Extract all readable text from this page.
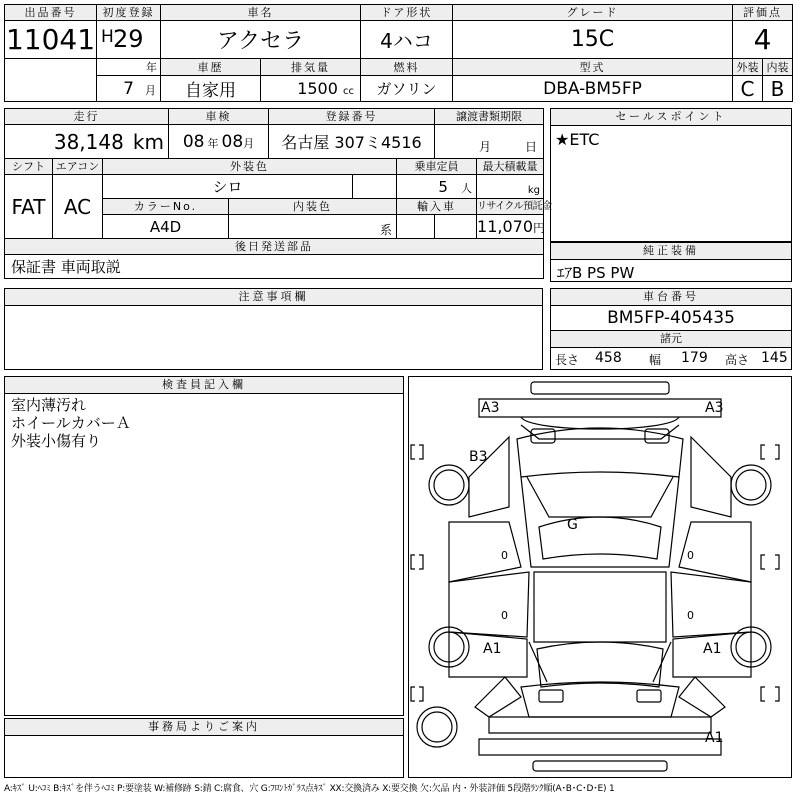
出品番号	初度登録	車名		ドア形状	グレード	評価点	
11041	H 29	アクセラ		4ハコ	15C	4	
	年	車歴	排気量	燃料	型式	外装	内装
	7 月	自家用	1500 cc	ガソリン	DBA-BM5FP	C	B
走行			車検		登録番号			譲渡書類期限	
38,148 km			08 年 08月		名古屋 307ミ4516			月 日	
シフト	エアコン	外装色					乗車定員		最大積載量
FAT	AC	シロ					5 人		kg
		カラーNo.		内装色			輸入車		リサイクル預託金
		A4D		系					11,070円
後日発送部品									
保証書 車両取説									
セールスポイント
★ETC
純正装備
ｴｱB PS PW
注意事項欄	車台番号
BM5FP-405435
諸元
長さ 458 幅 179 高さ 145
検査員記入欄
室内薄汚れ
ホイールカバーＡ
外装小傷有り
事務局よりご案内
A3	A3
B3
G
A1	A1
A1
0	0
0	0
A:ｷｽﾞ U:ﾍｺﾐ B:ｷｽﾞを伴うﾍｺﾐ P:要塗装 W:補修跡 S:錆 C:腐食、穴 G:ﾌﾛﾝﾄｶﾞﾗｽ点ｷｽﾞ XX:交換済み X:要交換 欠:欠品 内・外装評価 5段階ﾗﾝｸ順(A･B･C･D･E) 1
